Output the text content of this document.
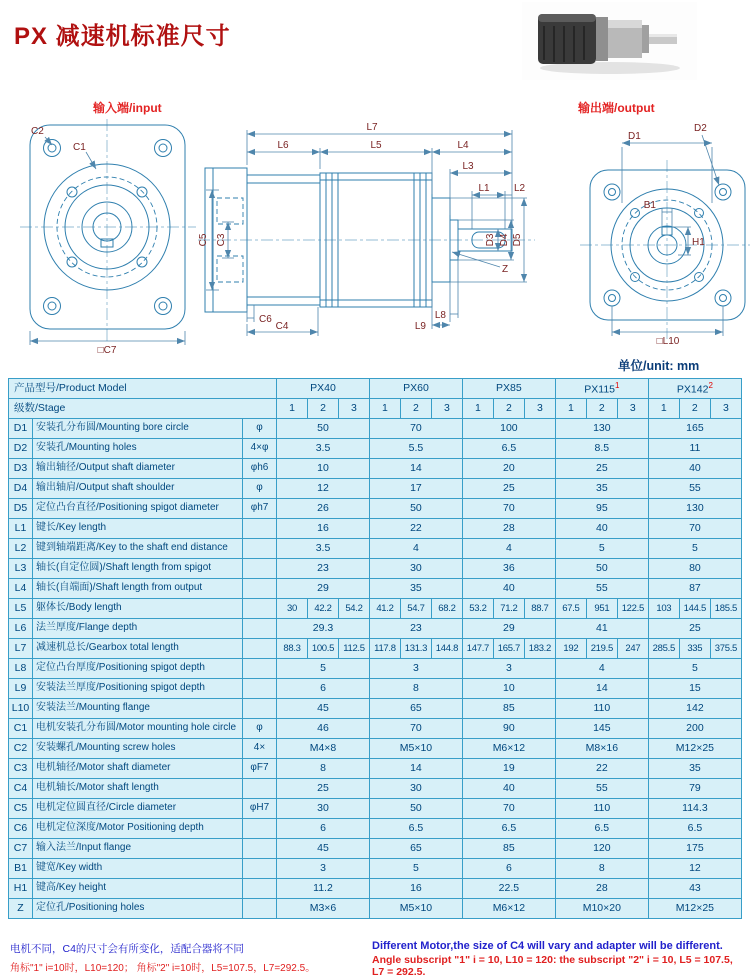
PX 减速机标准尺寸
输入端/input	输出端/output
C2
C1
□C7
L7
L6	L5	L4
L3
L1 L2
C5 C3	D3 D4 D5
Z
C6
C4	L9
L8
D1
D2
B1
H1
□L10
单位/unit: mm
产品型号/Product Model			PX40			PX60			PX85			$PX115^1$			$PX142^2$
级数/Stage			1	2	3	1	2	3	1	2	3	1	2	3	1	2	3
D1	安装孔分布圆/Mounting bore circle	φ	50			70			100			130			165		
D2	安装孔/Mounting holes	4×φ	3.5			5.5			6.5			8.5			11		
D3	输出轴径/Output shaft diameter	φh6	10			14			20			25			40		
D4	输出轴肩/Output shaft shoulder	φ	12			17			25			35			55		
D5	定位凸台直径/Positioning spigot diameter	φh7	26			50			70			95			130		
L1	键长/Key length		16			22			28			40			70		
L2	键到轴端距离/Key to the shaft end distance		3.5			4			4			5			5		
L3	轴长(自定位圆)/Shaft length from spigot		23			30			36			50			80		
L4	轴长(自端面)/Shaft length from output		29			35			40			55			87		
L5	躯体长/Body length		30	42.2	54.2	41.2	54.7	68.2	53.2	71.2	88.7	67.5	951	122.5	103	144.5	185.5
L6	法兰厚度/Flange depth		29.3			23			29			41			25		
L7	减速机总长/Gearbox total length		88.3	100.5	112.5	117.8	131.3	144.8	147.7	165.7	183.2	192	219.5	247	285.5	335	375.5
L8	定位凸台厚度/Positioning spigot depth		5			3			3			4			5		
L9	安装法兰厚度/Positioning spigot depth		6			8			10			14			15		
L10	安装法兰/Mounting flange		45			65			85			110			142		
C1	电机安装孔分布圆/Motor mounting hole circle	φ	46			70			90			145			200		
C2	安装螺孔/Mounting screw holes	4×	M4×8			M5×10			M6×12			M8×16			M12×25		
C3	电机轴径/Motor shaft diameter	φF7	8			14			19			22			35		
C4	电机轴长/Motor shaft length		25			30			40			55			79		
C5	电机定位圆直径/Circle diameter	φH7	30			50			70			110			114.3		
C6	电机定位深度/Motor Positioning depth		6			6.5			6.5			6.5			6.5		
C7	输入法兰/Input flange		45			65			85			120			175		
B1	键宽/Key width		3			5			6			8			12		
H1	键高/Key height		11.2			16			22.5			28			43		
Z	定位孔/Positioning holes		M3×6			M5×10			M6×12			M10×20			M12×25		
电机不同，C4的尺寸会有所变化，适配合器将不同
角标"1" i=10时，L10=120； 角标"2" i=10时，L5=107.5，L7=292.5。
Different Motor,the size of C4 will vary and adapter will be different.
Angle subscript "1" i = 10, L10 = 120: the subscript "2" i = 10, L5 = 107.5, L7 = 292.5.
